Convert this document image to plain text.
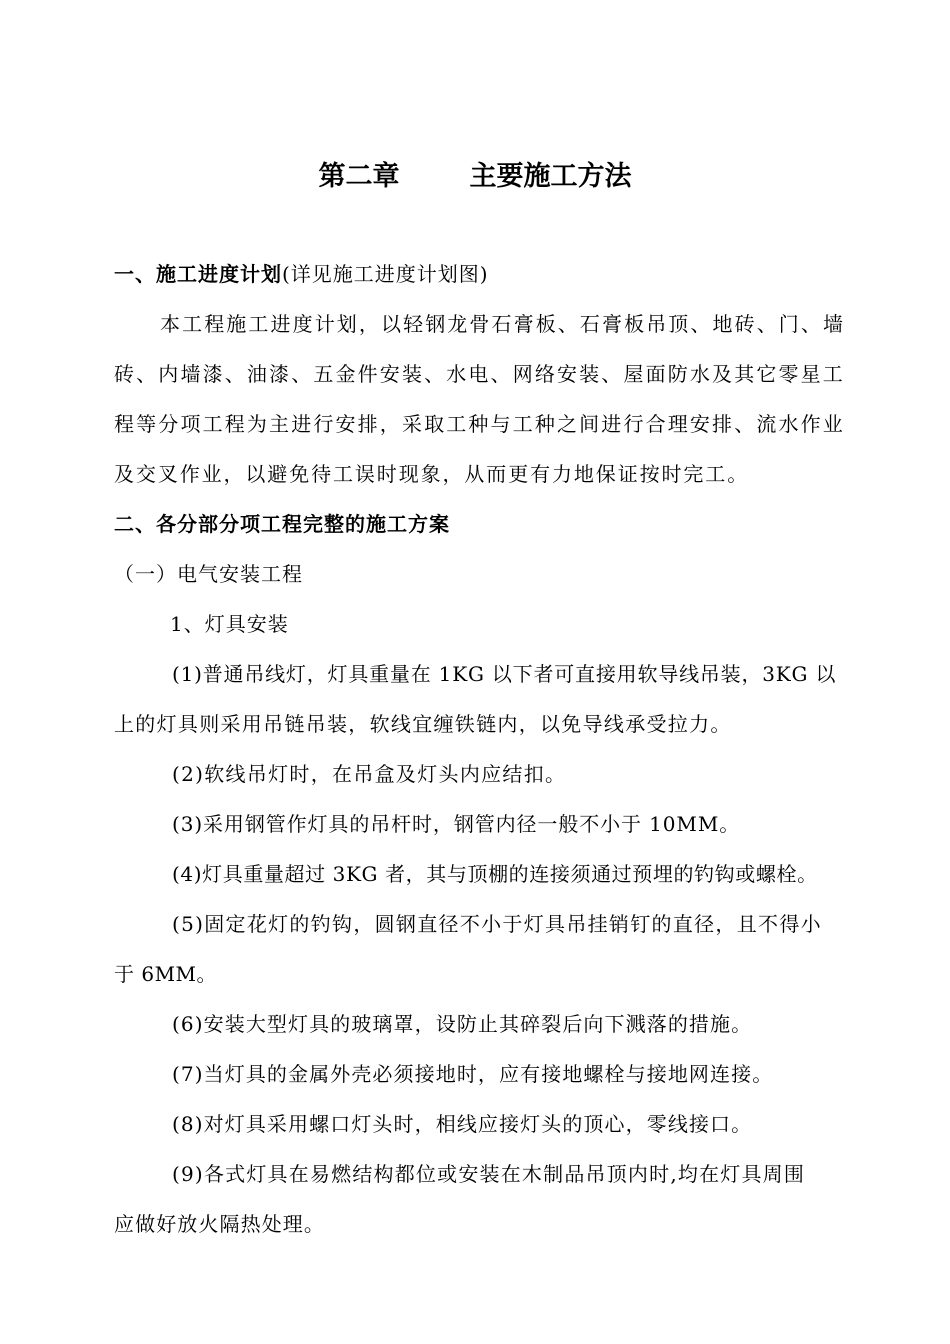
第二章	主要施工方法
一、施工进度计划(详见施工进度计划图)
本工程施工进度计划，以轻钢龙骨石膏板、石膏板吊顶、地砖、门、墙
砖、内墙漆、油漆、五金件安装、水电、网络安装、屋面防水及其它零星工
程等分项工程为主进行安排，采取工种与工种之间进行合理安排、流水作业
及交叉作业，以避免待工误时现象，从而更有力地保证按时完工。
二、各分部分项工程完整的施工方案
（一）电气安装工程
1、灯具安装
(1)普通吊线灯，灯具重量在 1KG 以下者可直接用软导线吊装，3KG 以
上的灯具则采用吊链吊装，软线宜缠铁链内，以免导线承受拉力。
(2)软线吊灯时，在吊盒及灯头内应结扣。
(3)采用钢管作灯具的吊杆时，钢管内径一般不小于 10MM。
(4)灯具重量超过 3KG 者，其与顶棚的连接须通过预埋的钓钩或螺栓。
(5)固定花灯的钓钩，圆钢直径不小于灯具吊挂销钉的直径，且不得小
于 6MM。
(6)安装大型灯具的玻璃罩，设防止其碎裂后向下溅落的措施。
(7)当灯具的金属外壳必须接地时，应有接地螺栓与接地网连接。
(8)对灯具采用螺口灯头时，相线应接灯头的顶心，零线接口。
(9)各式灯具在易燃结构都位或安装在木制品吊顶内时,均在灯具周围
应做好放火隔热处理。
